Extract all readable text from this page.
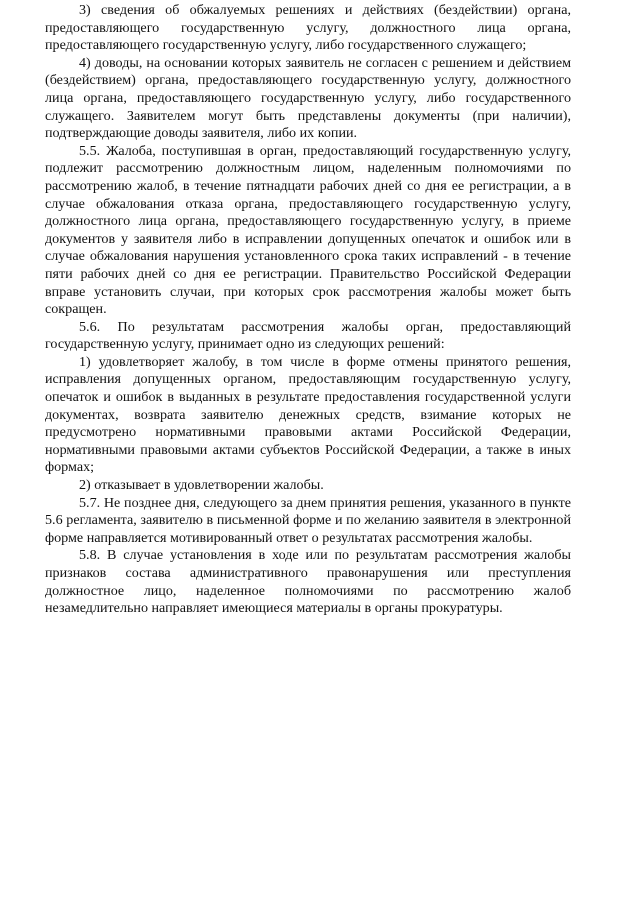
3) сведения об обжалуемых решениях и действиях (бездействии) органа, предоставляющего государственную услугу, должностного лица органа, предоставляющего государственную услугу, либо государственного служащего;

4) доводы, на основании которых заявитель не согласен с решением и действием (бездействием) органа, предоставляющего государственную услугу, должностного лица органа, предоставляющего государственную услугу, либо государственного служащего. Заявителем могут быть представлены документы (при наличии), подтверждающие доводы заявителя, либо их копии.

5.5. Жалоба, поступившая в орган, предоставляющий государственную услугу, подлежит рассмотрению должностным лицом, наделенным полномочиями по рассмотрению жалоб, в течение пятнадцати рабочих дней со дня ее регистрации, а в случае обжалования отказа органа, предоставляющего государственную услугу, должностного лица органа, предоставляющего государственную услугу, в приеме документов у заявителя либо в исправлении допущенных опечаток и ошибок или в случае обжалования нарушения установленного срока таких исправлений - в течение пяти рабочих дней со дня ее регистрации. Правительство Российской Федерации вправе установить случаи, при которых срок рассмотрения жалобы может быть сокращен.

5.6. По результатам рассмотрения жалобы орган, предоставляющий государственную услугу, принимает одно из следующих решений:

1) удовлетворяет жалобу, в том числе в форме отмены принятого решения, исправления допущенных органом, предоставляющим государственную услугу, опечаток и ошибок в выданных в результате предоставления государственной услуги документах, возврата заявителю денежных средств, взимание которых не предусмотрено нормативными правовыми актами Российской Федерации, нормативными правовыми актами субъектов Российской Федерации, а также в иных формах;

2) отказывает в удовлетворении жалобы.

5.7. Не позднее дня, следующего за днем принятия решения, указанного в пункте 5.6 регламента, заявителю в письменной форме и по желанию заявителя в электронной форме направляется мотивированный ответ о результатах рассмотрения жалобы.

5.8. В случае установления в ходе или по результатам рассмотрения жалобы признаков состава административного правонарушения или преступления должностное лицо, наделенное полномочиями по рассмотрению жалоб незамедлительно направляет имеющиеся материалы в органы прокуратуры.
